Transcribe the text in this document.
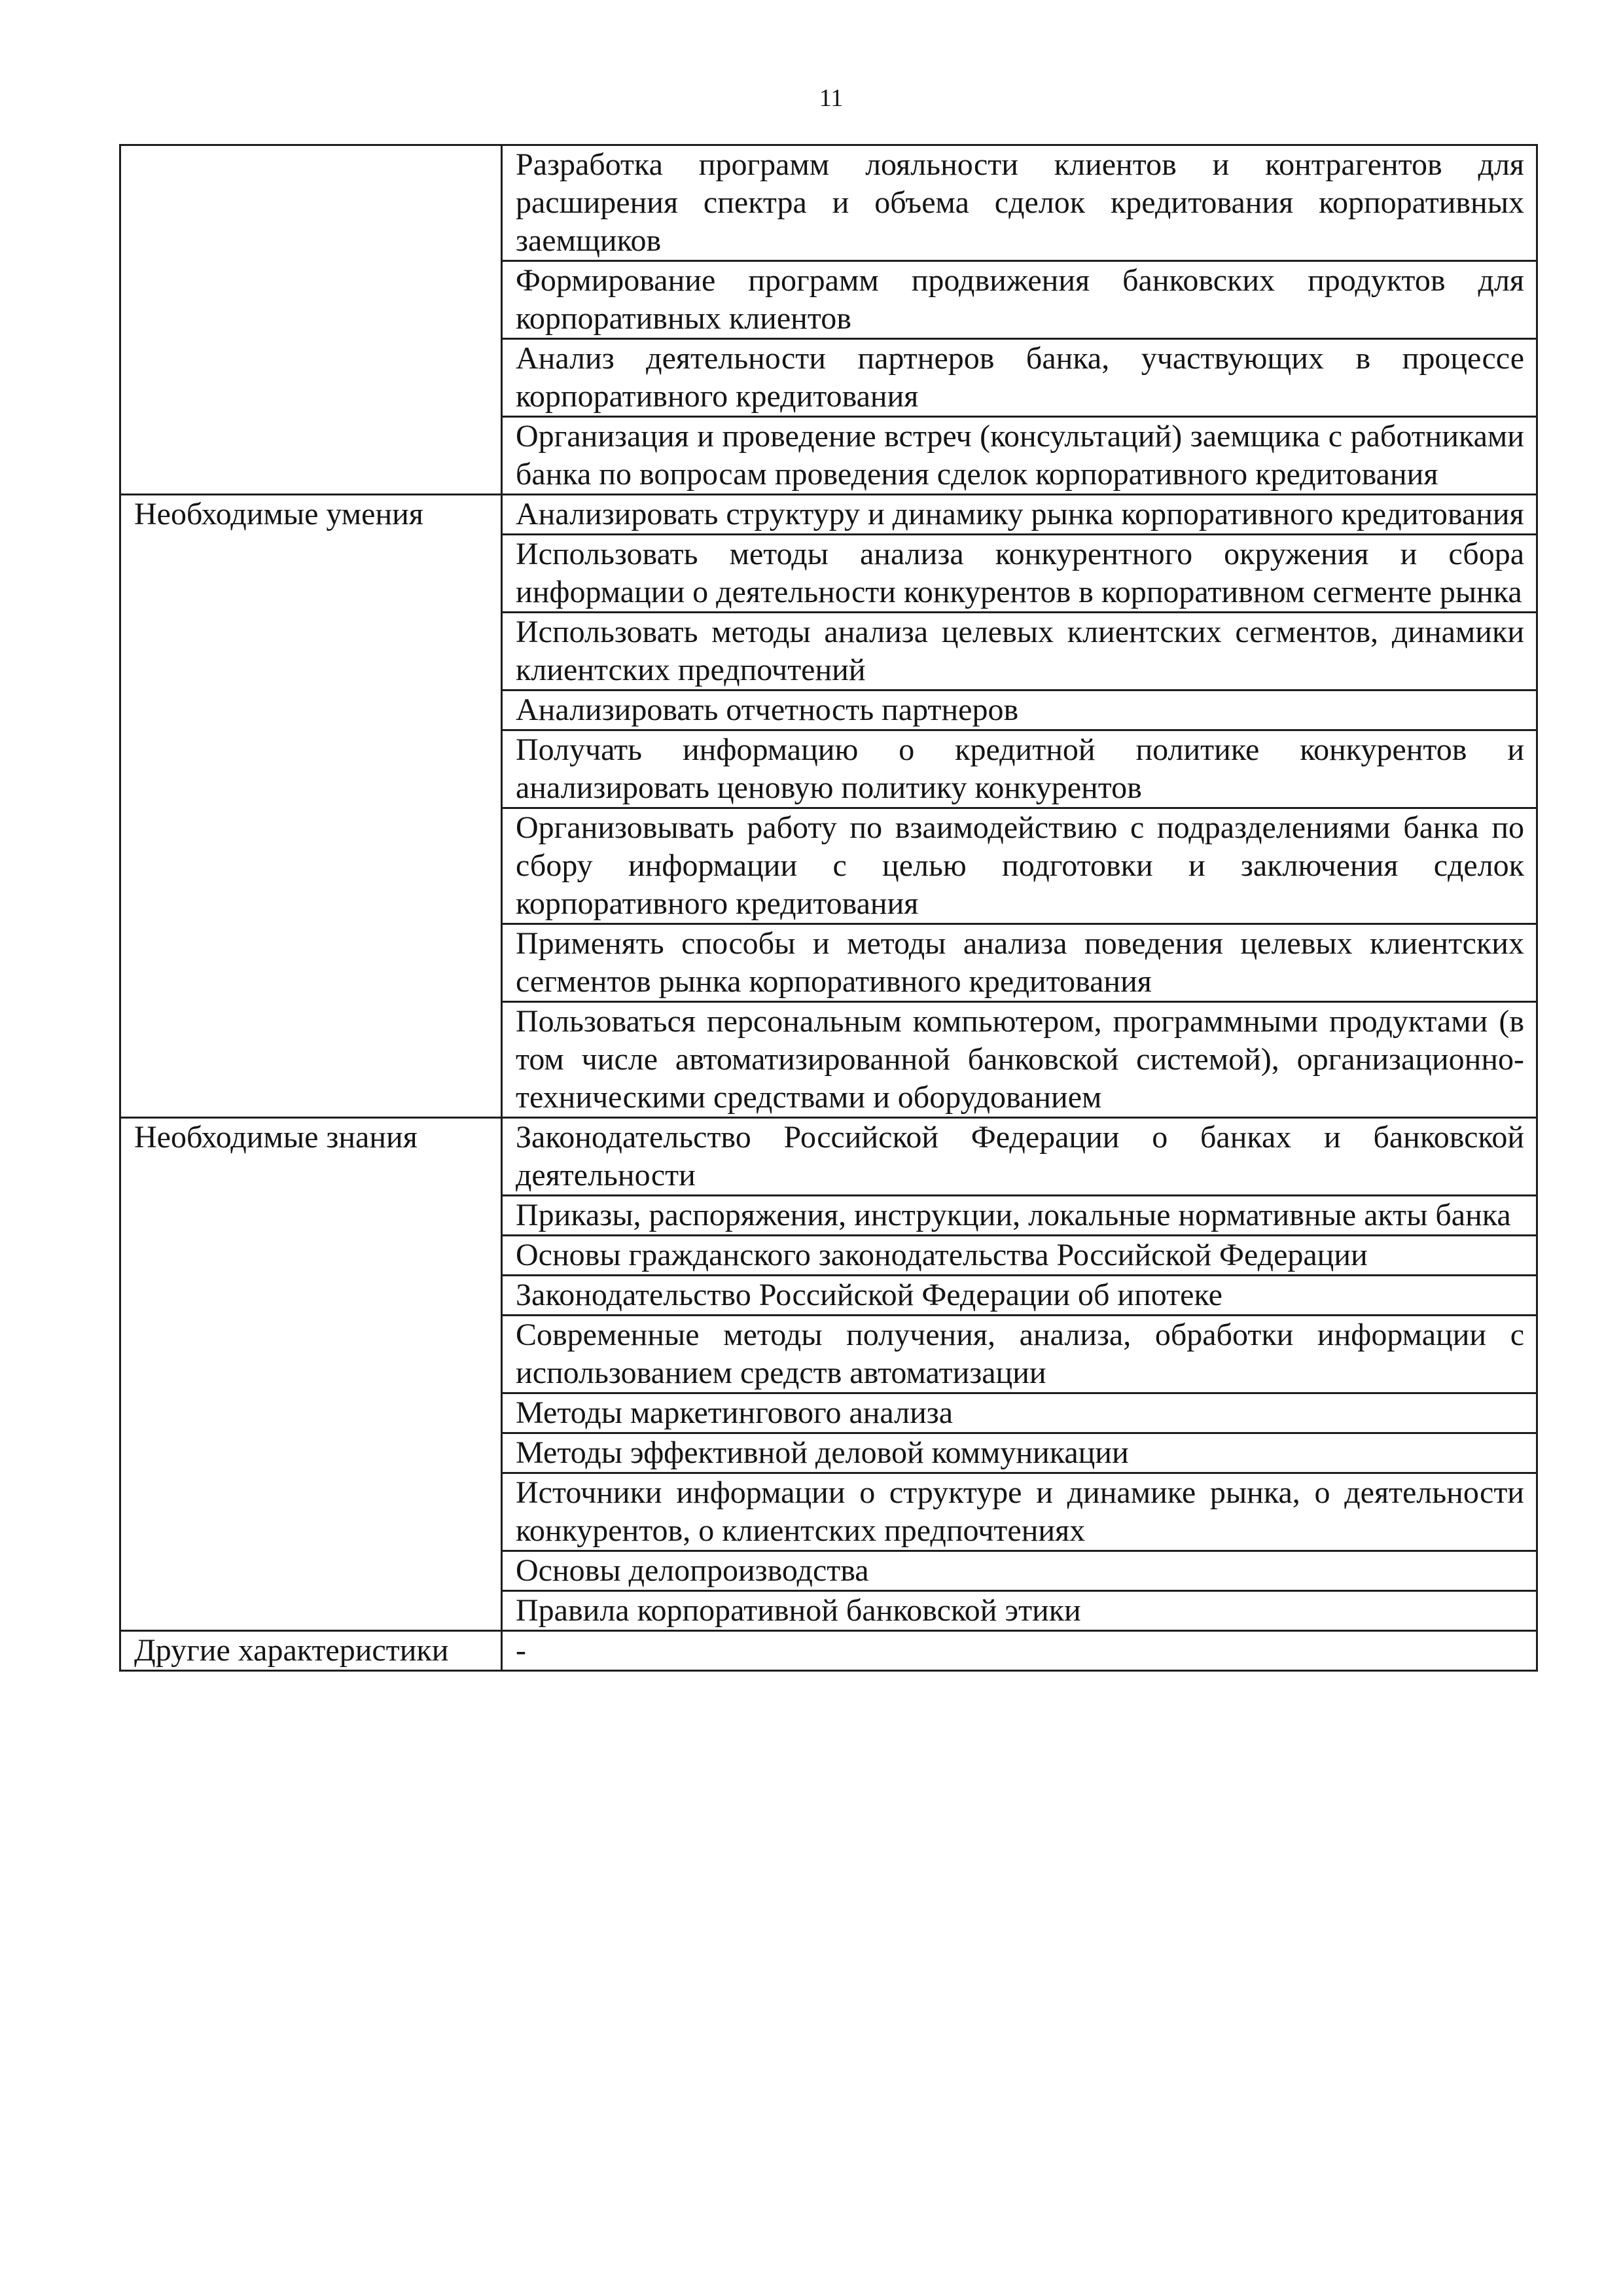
11
	Разработка программ лояльности клиентов и контрагентов для расширения спектра и объема сделок кредитования корпоративных заемщиков
	Формирование программ продвижения банковских продуктов для корпоративных клиентов
	Анализ деятельности партнеров банка, участвующих в процессе корпоративного кредитования
	Организация и проведение встреч (консультаций) заемщика с работниками банка по вопросам проведения сделок корпоративного кредитования
Необходимые умения	Анализировать структуру и динамику рынка корпоративного кредитования
	Использовать методы анализа конкурентного окружения и сбора информации о деятельности конкурентов в корпоративном сегменте рынка
	Использовать методы анализа целевых клиентских сегментов, динамики клиентских предпочтений
	Анализировать отчетность партнеров
	Получать информацию о кредитной политике конкурентов и анализировать ценовую политику конкурентов
	Организовывать работу по взаимодействию с подразделениями банка по сбору информации с целью подготовки и заключения сделок корпоративного кредитования
	Применять способы и методы анализа поведения целевых клиентских сегментов рынка корпоративного кредитования
	Пользоваться персональным компьютером, программными продуктами (в том числе автоматизированной банковской системой), организационно-техническими средствами и оборудованием
Необходимые знания	Законодательство Российской Федерации о банках и банковской деятельности
	Приказы, распоряжения, инструкции, локальные нормативные акты банка
	Основы гражданского законодательства Российской Федерации
	Законодательство Российской Федерации об ипотеке
	Современные методы получения, анализа, обработки информации с использованием средств автоматизации
	Методы маркетингового анализа
	Методы эффективной деловой коммуникации
	Источники информации о структуре и динамике рынка, о деятельности конкурентов, о клиентских предпочтениях
	Основы делопроизводства
	Правила корпоративной банковской этики
Другие характеристики	-
